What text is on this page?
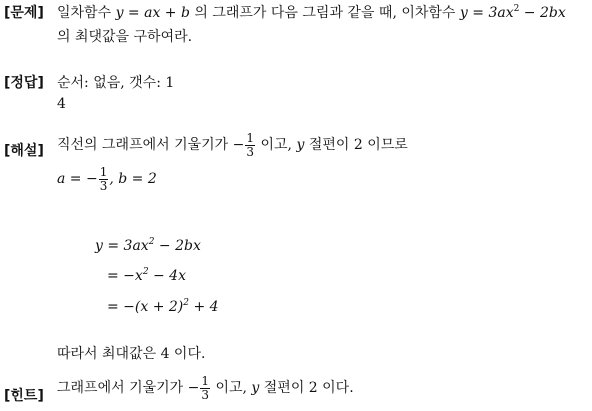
[문제] 일차함수 y = ax + b 의 그래프가 다음 그림과 같을 때, 이차함수 $y = 3ax^2 - 2bx$
의 최댓값을 구하여라.
[정답] 순서: 없음, 갯수: 1
4
[해설] 직선의 그래프에서 기울기가 − $\frac{1}{3}$ 이고, y 절편이 2 이므로
a = − $\frac{1}{3}$ , b = 2
$y = 3ax^2 - 2bx$
= $-x^2 - 4x$
= $-(x + 2)^2 + 4$
따라서 최대값은 4 이다.
[힌트] 그래프에서 기울기가 − $\frac{1}{3}$ 이고, y 절편이 2 이다.
